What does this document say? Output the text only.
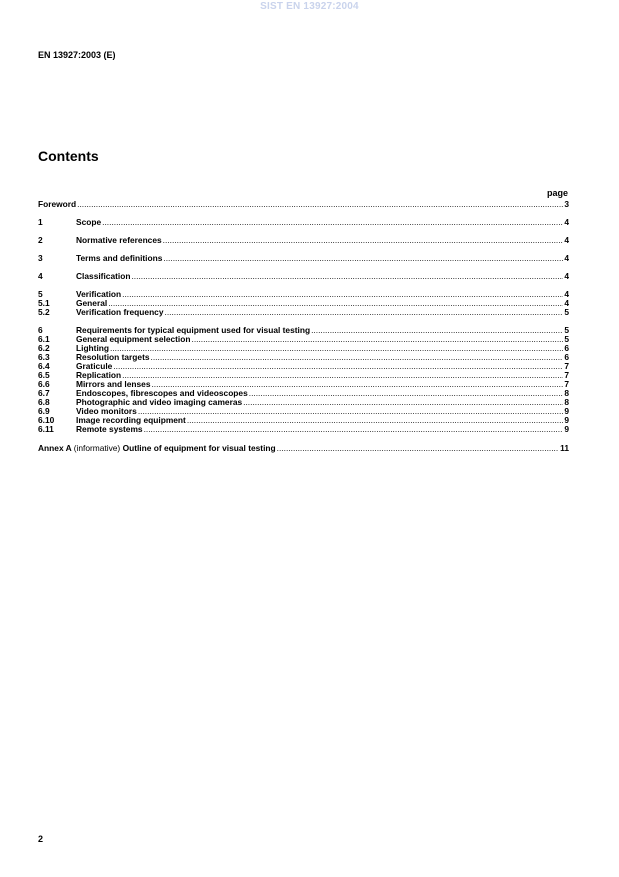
SIST EN 13927:2004
EN 13927:2003 (E)
Contents
page
Foreword .....	3
1	Scope .....	4
2	Normative references .....	4
3	Terms and definitions .....	4
4	Classification .....	4
5	Verification .....	4
5.1	General .....	4
5.2	Verification frequency .....	5
6	Requirements for typical equipment used for visual testing .....	5
6.1	General equipment selection .....	5
6.2	Lighting .....	6
6.3	Resolution targets .....	6
6.4	Graticule .....	7
6.5	Replication .....	7
6.6	Mirrors and lenses .....	7
6.7	Endoscopes, fibrescopes and videoscopes .....	8
6.8	Photographic and video imaging cameras .....	8
6.9	Video monitors .....	9
6.10	Image recording equipment .....	9
6.11	Remote systems .....	9
Annex A (informative) Outline of equipment for visual testing .....	11
2
